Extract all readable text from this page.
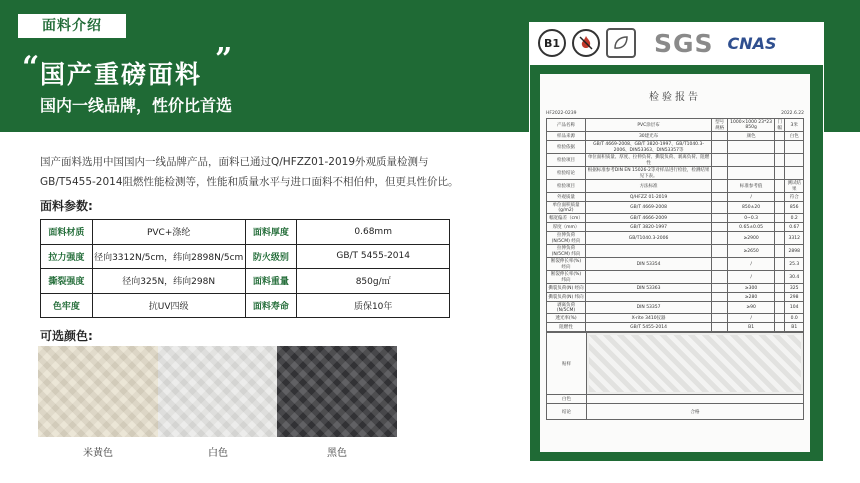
面料介绍
“ 国产重磅面料 ”
国内一线品牌，性价比首选

国产面料选用中国国内一线品牌产品，面料已通过Q/HFZZ01-2019外观质量检测与GB/T5455-2014阻燃性能检测等，性能和质量水平与进口面料不相伯仲，但更具性价比。

面料参数:
面料材质	PVC+涤纶	面料厚度	0.68mm
拉力强度	径向3312N/5cm，纬向2898N/5cm	防火级别	GB/T 5455-2014
撕裂强度	径向325N，纬向298N	面料重量	850g/㎡
色牢度	抗UV四级	面料寿命	质保10年
可选颜色:
米黄色	白色	黑色
B1	SGS CNAS
检验报告
HF2022-0239	2022.6.22
产品名称	PVC涂层布	型号规格	1000×1000 23*23 850g	门幅	3米
样品来源	30建光布		颜色		白色
检验依据	GB/T 4669-2008、GB/T 3820-1997、GB/T1040.3-2006、DIN53363、DIN53357等				
检验项目	单位面积质量、厚度、拉伸负荷、撕裂负荷、剥离负荷、阻燃性				
检验结论	根据标准参考DIN EN 15026-2等对样品进行检验，检测结果见下表。				
检验项目	方法标准		标准参考值		测试结果
外观质量	Q/HFZZ 01-2019		/		符合
单位面积质量(g/m2)	GB/T 4669-2008		850±20		856
幅宽偏差（cm）	GB/T 4666-2009		0~0.3		0.2
厚度（mm）	GB/T 3820-1997		0.65±0.05		0.67
拉伸负荷(N/5CM) 经向	GB/T1040.3-2006		≥2900		3312
拉伸负荷(N/5CM) 纬向			≥2650		2898
断裂伸长率(%) 经向	DIN 53354		/		25.3
断裂伸长率(%) 纬向			/		30.4
撕裂负荷(N) 经向	DIN 53363		≥300		325
撕裂负荷(N) 纬向			≥280		298
剥离负荷(N/5CM)	DIN 53357		≥90		104
透光率(%)	X-rite 3410仪器		/		0.0
阻燃性	GB/T 5455-2014		B1		B1
贴样	

白色	
结论	合格
